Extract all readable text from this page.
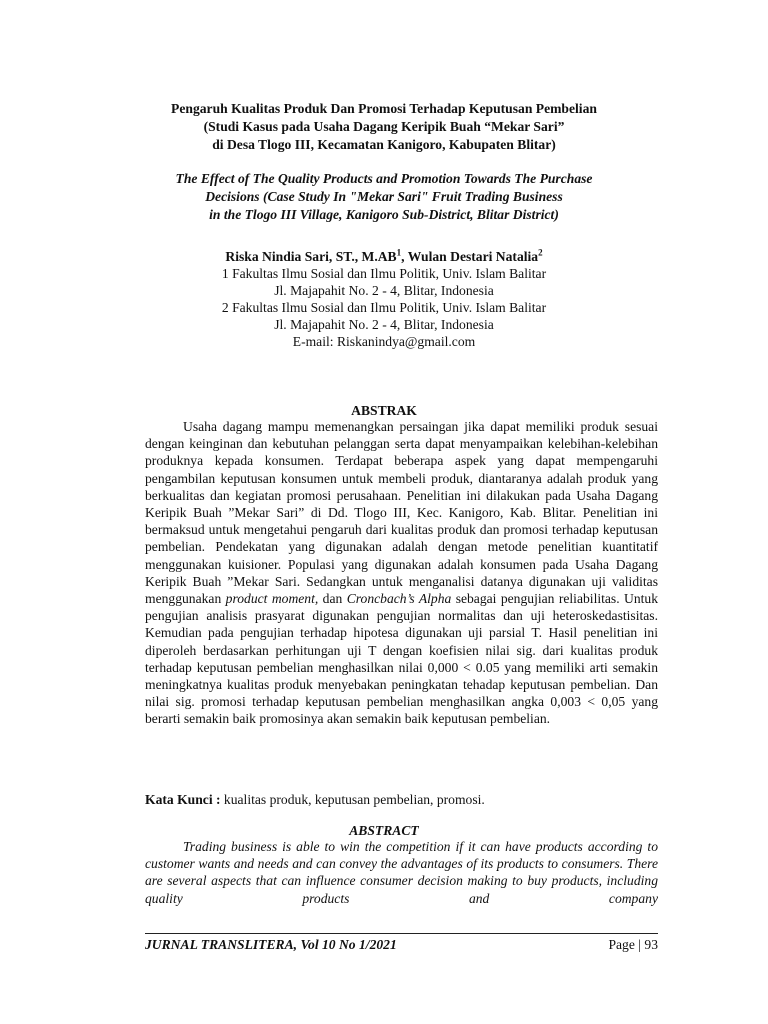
Pengaruh Kualitas Produk Dan Promosi Terhadap Keputusan Pembelian
(Studi Kasus pada Usaha Dagang Keripik Buah “Mekar Sari”
di Desa Tlogo III, Kecamatan Kanigoro, Kabupaten Blitar)

The Effect of The Quality Products and Promotion Towards The Purchase
Decisions (Case Study In "Mekar Sari" Fruit Trading Business
in the Tlogo III Village, Kanigoro Sub-District, Blitar District)

Riska Nindia Sari, ST., $M.AB^1$, Wulan Destari Natalia$^2$

1 Fakultas Ilmu Sosial dan Ilmu Politik, Univ. Islam Balitar

Jl. Majapahit No. 2 - 4, Blitar, Indonesia

2 Fakultas Ilmu Sosial dan Ilmu Politik, Univ. Islam Balitar

Jl. Majapahit No. 2 - 4, Blitar, Indonesia

E-mail: Riskanindya@gmail.com

ABSTRAK

Usaha dagang mampu memenangkan persaingan jika dapat memiliki produk sesuai dengan keinginan dan kebutuhan pelanggan serta dapat menyampaikan kelebihan-kelebihan produknya kepada konsumen. Terdapat beberapa aspek yang dapat mempengaruhi pengambilan keputusan konsumen untuk membeli produk, diantaranya adalah produk yang berkualitas dan kegiatan promosi perusahaan. Penelitian ini dilakukan pada Usaha Dagang Keripik Buah ”Mekar Sari” di Dd. Tlogo III, Kec. Kanigoro, Kab. Blitar. Penelitian ini bermaksud untuk mengetahui pengaruh dari kualitas produk dan promosi terhadap keputusan pembelian. Pendekatan yang digunakan adalah dengan metode penelitian kuantitatif menggunakan kuisioner. Populasi yang digunakan adalah konsumen pada Usaha Dagang Keripik Buah ”Mekar Sari. Sedangkan untuk menganalisi datanya digunakan uji validitas menggunakan product moment, dan Croncbach’s Alpha sebagai pengujian reliabilitas. Untuk pengujian analisis prasyarat digunakan pengujian normalitas dan uji heteroskedastisitas. Kemudian pada pengujian terhadap hipotesa digunakan uji parsial T. Hasil penelitian ini diperoleh berdasarkan perhitungan uji T dengan koefisien nilai sig. dari kualitas produk terhadap keputusan pembelian menghasilkan nilai 0,000 < 0.05 yang memiliki arti semakin meningkatnya kualitas produk menyebakan peningkatan tehadap keputusan pembelian. Dan nilai sig. promosi terhadap keputusan pembelian menghasilkan angka 0,003 < 0,05 yang berarti semakin baik promosinya akan semakin baik keputusan pembelian.

Kata Kunci : kualitas produk, keputusan pembelian, promosi.

ABSTRACT

Trading business is able to win the competition if it can have products according to customer wants and needs and can convey the advantages of its products to consumers. There are several aspects that can influence consumer decision making to buy products, including quality products and company

JURNAL TRANSLITERA, Vol 10 No 1/2021	Page | 93
